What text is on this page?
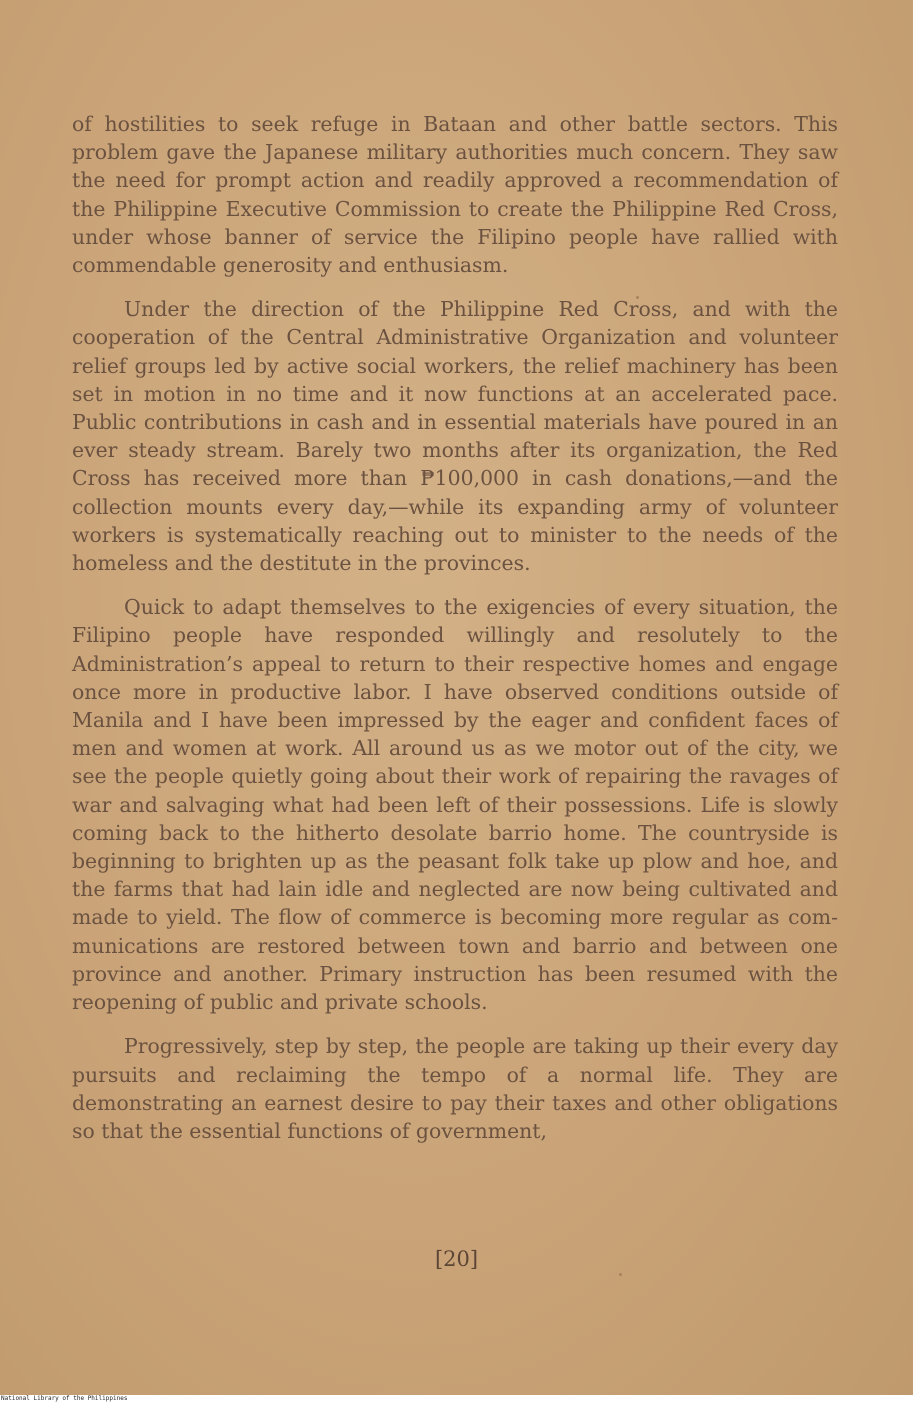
of hostilities to seek refuge in Bataan and other battle sectors. This problem gave the Japanese military authorities much concern. They saw the need for prompt action and readily approved a recommendation of the Philippine Executive Commission to create the Philippine Red Cross, under whose banner of service the Filipino people have rallied with commendable generosity and enthusiasm.

Under the direction of the Philippine Red Cross, and with the cooperation of the Central Administrative Organization and volunteer relief groups led by active social workers, the relief machinery has been set in motion in no time and it now functions at an accelerated pace. Public contributions in cash and in essential materials have poured in an ever steady stream. Barely two months after its organization, the Red Cross has received more than ₱100,000 in cash donations,—and the collection mounts every day,—while its expanding army of volunteer workers is systematically reaching out to minister to the needs of the homeless and the destitute in the provinces.

Quick to adapt themselves to the exigencies of every situation, the Filipino people have responded willingly and resolutely to the Administration’s appeal to return to their respective homes and engage once more in productive labor. I have observed conditions outside of Manila and I have been impressed by the eager and confident faces of men and women at work. All around us as we motor out of the city, we see the people quietly going about their work of repairing the ravages of war and salvaging what had been left of their possessions. Life is slowly coming back to the hitherto desolate barrio home. The countryside is beginning to brighten up as the peasant folk take up plow and hoe, and the farms that had lain idle and neglected are now being cultivated and made to yield. The flow of commerce is becoming more regular as communications are restored between town and barrio and between one province and another. Primary instruction has been resumed with the reopening of public and private schools.

Progressively, step by step, the people are taking up their every day pursuits and reclaiming the tempo of a normal life. They are demonstrating an earnest desire to pay their taxes and other obligations so that the essential functions of government,

[20]
National Library of the Philippines
